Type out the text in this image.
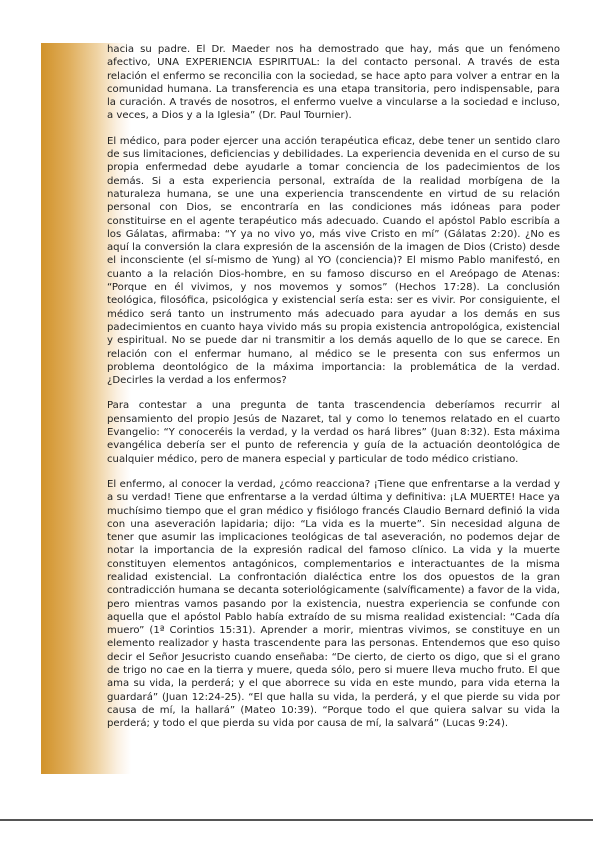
hacia su padre. El Dr. Maeder nos ha demostrado que hay, más que un fenómeno afectivo, UNA EXPERIENCIA ESPIRITUAL: la del contacto personal. A través de esta relación el enfermo se reconcilia con la sociedad, se hace apto para volver a entrar en la comunidad humana. La transferencia es una etapa transitoria, pero indispensable, para la curación. A través de nosotros, el enfermo vuelve a vincularse a la sociedad e incluso, a veces, a Dios y a la Iglesia” (Dr. Paul Tournier).

El médico, para poder ejercer una acción terapéutica eficaz, debe tener un sentido claro de sus limitaciones, deficiencias y debilidades. La experiencia devenida en el curso de su propia enfermedad debe ayudarle a tomar conciencia de los padecimientos de los demás. Si a esta experiencia personal, extraída de la realidad morbígena de la naturaleza humana, se une una experiencia transcendente en virtud de su relación personal con Dios, se encontraría en las condiciones más idóneas para poder constituirse en el agente terapéutico más adecuado. Cuando el apóstol Pablo escribía a los Gálatas, afirmaba: “Y ya no vivo yo, más vive Cristo en mí” (Gálatas 2:20). ¿No es aquí la conversión la clara expresión de la ascensión de la imagen de Dios (Cristo) desde el inconsciente (el sí-mismo de Yung) al YO (conciencia)? El mismo Pablo manifestó, en cuanto a la relación Dios-hombre, en su famoso discurso en el Areópago de Atenas: “Porque en él vivimos, y nos movemos y somos” (Hechos 17:28). La conclusión teológica, filosófica, psicológica y existencial sería esta: ser es vivir. Por consiguiente, el médico será tanto un instrumento más adecuado para ayudar a los demás en sus padecimientos en cuanto haya vivido más su propia existencia antropológica, existencial y espiritual. No se puede dar ni transmitir a los demás aquello de lo que se carece. En relación con el enfermar humano, al médico se le presenta con sus enfermos un problema deontológico de la máxima importancia: la problemática de la verdad. ¿Decirles la verdad a los enfermos?

Para contestar a una pregunta de tanta trascendencia deberíamos recurrir al pensamiento del propio Jesús de Nazaret, tal y como lo tenemos relatado en el cuarto Evangelio: “Y conoceréis la verdad, y la verdad os hará libres” (Juan 8:32). Esta máxima evangélica debería ser el punto de referencia y guía de la actuación deontológica de cualquier médico, pero de manera especial y particular de todo médico cristiano.

El enfermo, al conocer la verdad, ¿cómo reacciona? ¡Tiene que enfrentarse a la verdad y a su verdad! Tiene que enfrentarse a la verdad última y definitiva: ¡LA MUERTE! Hace ya muchísimo tiempo que el gran médico y fisiólogo francés Claudio Bernard definió la vida con una aseveración lapidaria; dijo: “La vida es la muerte”. Sin necesidad alguna de tener que asumir las implicaciones teológicas de tal aseveración, no podemos dejar de notar la importancia de la expresión radical del famoso clínico. La vida y la muerte constituyen elementos antagónicos, complementarios e interactuantes de la misma realidad existencial. La confrontación dialéctica entre los dos opuestos de la gran contradicción humana se decanta soteriológicamente (salvíficamente) a favor de la vida, pero mientras vamos pasando por la existencia, nuestra experiencia se confunde con aquella que el apóstol Pablo había extraído de su misma realidad existencial: “Cada día muero” (1ª Corintios 15:31). Aprender a morir, mientras vivimos, se constituye en un elemento realizador y hasta trascendente para las personas. Entendemos que eso quiso decir el Señor Jesucristo cuando enseñaba: “De cierto, de cierto os digo, que si el grano de trigo no cae en la tierra y muere, queda sólo, pero si muere lleva mucho fruto. El que ama su vida, la perderá; y el que aborrece su vida en este mundo, para vida eterna la guardará” (Juan 12:24-25). “El que halla su vida, la perderá, y el que pierde su vida por causa de mí, la hallará” (Mateo 10:39). “Porque todo el que quiera salvar su vida la perderá; y todo el que pierda su vida por causa de mí, la salvará” (Lucas 9:24).
